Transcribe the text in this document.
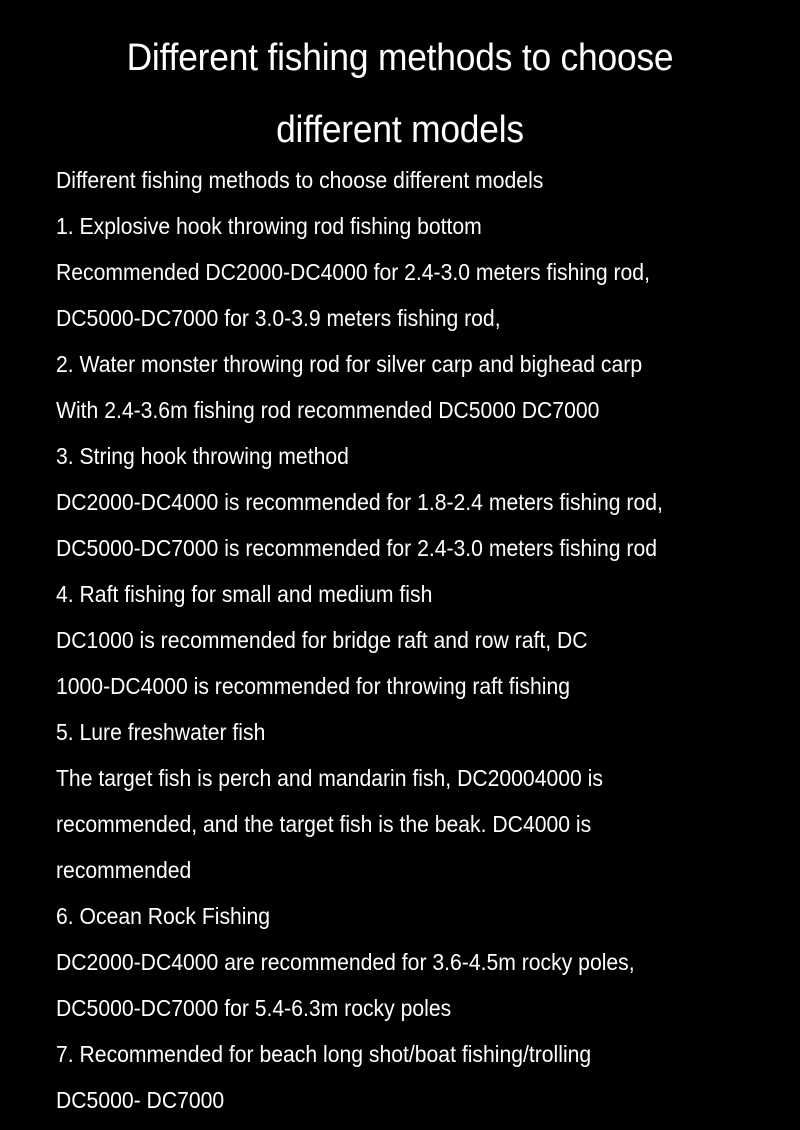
Different fishing methods to choose
different models
Different fishing methods to choose different models
1. Explosive hook throwing rod fishing bottom
Recommended DC2000-DC4000 for 2.4-3.0 meters fishing rod,
DC5000-DC7000 for 3.0-3.9 meters fishing rod,
2. Water monster throwing rod for silver carp and bighead carp
With 2.4-3.6m fishing rod recommended DC5000 DC7000
3. String hook throwing method
DC2000-DC4000 is recommended for 1.8-2.4 meters fishing rod,
DC5000-DC7000 is recommended for 2.4-3.0 meters fishing rod
4. Raft fishing for small and medium fish
DC1000 is recommended for bridge raft and row raft, DC
1000-DC4000 is recommended for throwing raft fishing
5. Lure freshwater fish
The target fish is perch and mandarin fish, DC20004000 is
recommended, and the target fish is the beak. DC4000 is
recommended
6. Ocean Rock Fishing
DC2000-DC4000 are recommended for 3.6-4.5m rocky poles,
DC5000-DC7000 for 5.4-6.3m rocky poles
7. Recommended for beach long shot/boat fishing/trolling
DC5000- DC7000
